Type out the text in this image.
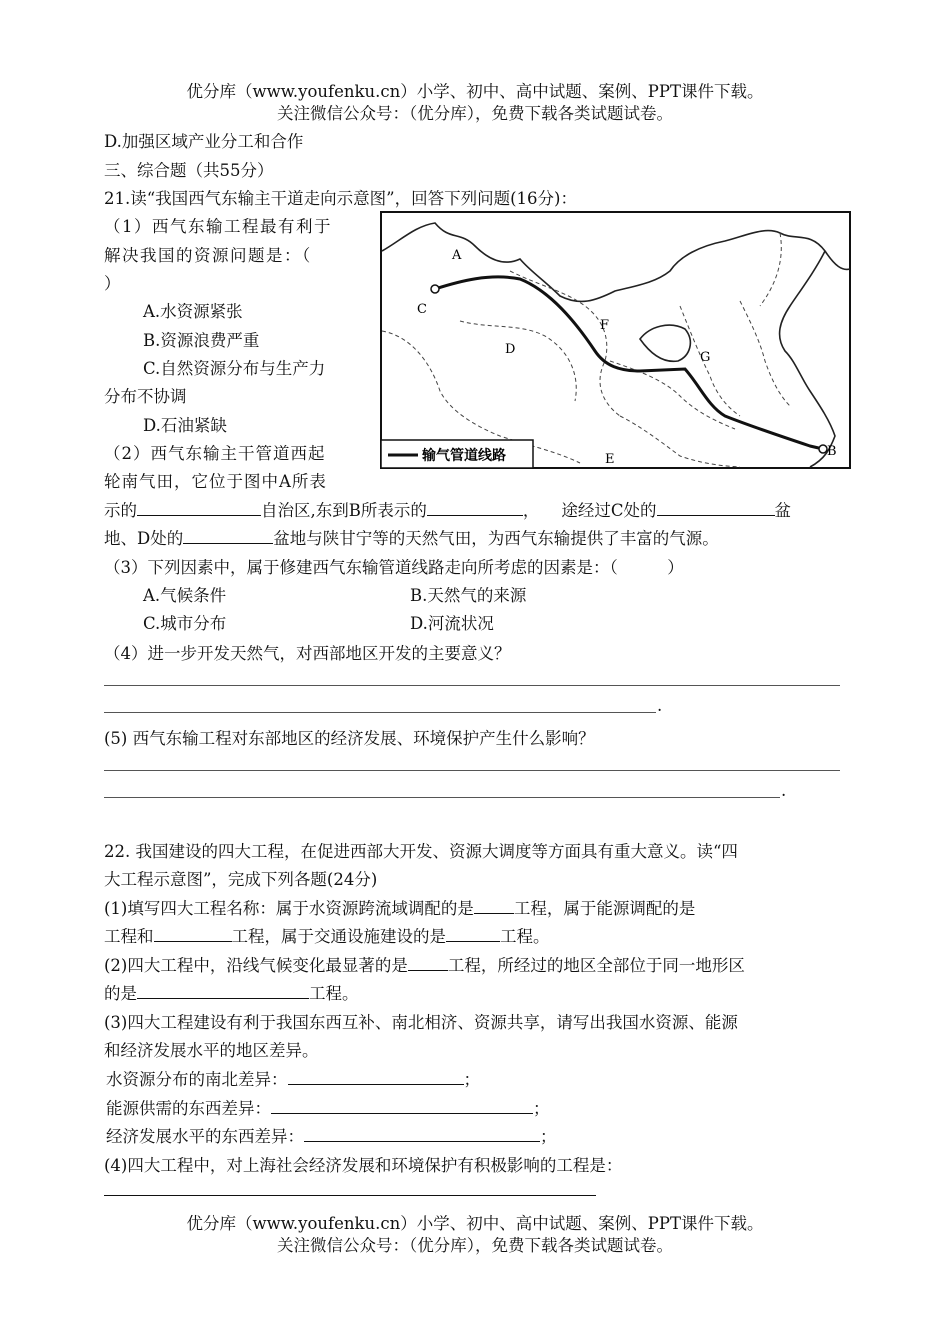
优分库（www.youfenku.cn）小学、初中、高中试题、案例、PPT课件下载。
关注微信公众号：（优分库），免费下载各类试题试卷。
D.加强区域产业分工和合作
三、综合题（共55分）
21.读“我国西气东输主干道走向示意图”，回答下列问题(16分)：
（1）西气东输工程最有利于
解决我国的资源问题是：（
）
A.水资源紧张
B.资源浪费严重
C.自然资源分布与生产力
分布不协调
D.石油紧缺
（2）西气东输主干管道西起
轮南气田，它位于图中A所表
示的	自治区,东到B所表示的	， 途经过C处的	盆
地、D处的	盆地与陕甘宁等的天然气田，为西气东输提供了丰富的气源。
（3）下列因素中，属于修建西气东输管道线路走向所考虑的因素是：（　　　）
A.气候条件	B.天然气的来源
C.城市分布	D.河流状况
（4）进一步开发天然气，对西部地区开发的主要意义？
.
(5) 西气东输工程对东部地区的经济发展、环境保护产生什么影响？
.
A
B
C
D
E
F
G
输气管道线路
22. 我国建设的四大工程，在促进西部大开发、资源大调度等方面具有重大意义。读“四
大工程示意图”，完成下列各题(24分)
(1)填写四大工程名称：属于水资源跨流域调配的是 工程，属于能源调配的是
工程和	工程，属于交通设施建设的是	工程。
(2)四大工程中，沿线气候变化最显著的是 工程，所经过的地区全部位于同一地形区
的是	工程。
(3)四大工程建设有利于我国东西互补、南北相济、资源共享，请写出我国水资源、能源
和经济发展水平的地区差异。
水资源分布的南北差异：	；
能源供需的东西差异：	；
经济发展水平的东西差异：	；
(4)四大工程中，对上海社会经济发展和环境保护有积极影响的工程是：
优分库（www.youfenku.cn）小学、初中、高中试题、案例、PPT课件下载。
关注微信公众号：（优分库），免费下载各类试题试卷。
